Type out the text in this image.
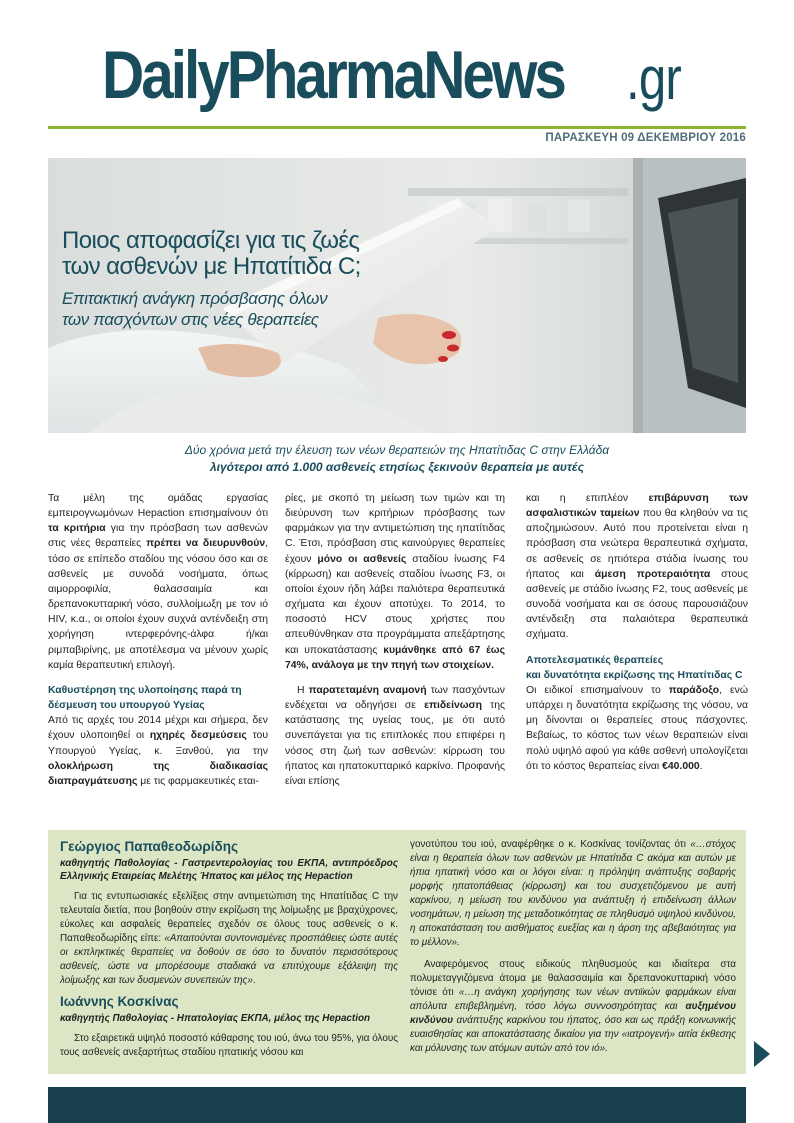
DailyPharmaNews .gr
ΠΑΡΑΣΚΕΥΗ 09 ΔΕΚΕΜΒΡΙΟΥ 2016
Ποιος αποφασίζει για τις ζωές
των ασθενών με Ηπατίτιδα C;
Επιτακτική ανάγκη πρόσβασης όλων
των πασχόντων στις νέες θεραπείες
Δύο χρόνια μετά την έλευση των νέων θεραπειών της Ηπατίτιδας C στην Ελλάδα
λιγότεροι από 1.000 ασθενείς ετησίως ξεκινούν θεραπεία με αυτές

Τα μέλη της ομάδας εργασίας εμπειρογνωμόνων Hepaction επισημαίνουν ότι τα κριτήρια για την πρόσβαση των ασθενών στις νέες θεραπείες πρέπει να διευρυνθούν, τόσο σε επίπεδο σταδίου της νόσου όσο και σε ασθενείς με συνοδά νοσήματα, όπως αιμορροφιλία, θαλασσαιμία και δρεπανοκυτταρική νόσο, συλλοίμωξη με τον ιό HIV, κ.α., οι οποίοι έχουν συχνά αντένδειξη στη χορήγηση ιντερφερόνης-άλφα ή/και ριμπαβιρίνης, με αποτέλεσμα να μένουν χωρίς καμία θεραπευτική επιλογή.

Καθυστέρηση της υλοποίησης παρά τη δέσμευση του υπουργού Υγείας

Από τις αρχές του 2014 μέχρι και σήμερα, δεν έχουν υλοποιηθεί οι ηχηρές δεσμεύσεις του Υπουργού Υγείας, κ. Ξανθού, για την ολοκλήρωση της διαδικασίας διαπραγμάτευσης με τις φαρμακευτικές εται-

ρίες, με σκοπό τη μείωση των τιμών και τη διεύρυνση των κριτήριων πρόσβασης των φαρμάκων για την αντιμετώπιση της ηπατίτιδας C. Έτσι, πρόσβαση στις καινούργιες θεραπείες έχουν μόνο οι ασθενείς σταδίου ίνωσης F4 (κίρρωση) και ασθενείς σταδίου ίνωσης F3, οι οποίοι έχουν ήδη λάβει παλιότερα θεραπευτικά σχήματα και έχουν αποτύχει. Το 2014, το ποσοστό HCV στους χρήστες που απευθύνθηκαν στα προγράμματα απεξάρτησης και υποκατάστασης κυμάνθηκε από 67 έως 74%, ανάλογα με την πηγή των στοιχείων.

Η παρατεταμένη αναμονή των πασχόντων ενδέχεται να οδηγήσει σε επιδείνωση της κατάστασης της υγείας τους, με ότι αυτό συνεπάγεται για τις επιπλοκές που επιφέρει η νόσος στη ζωή των ασθενών: κίρρωση του ήπατος και ηπατοκυτταρικό καρκίνο. Προφανής είναι επίσης

και η επιπλέον επιβάρυνση των ασφαλιστικών ταμείων που θα κληθούν να τις αποζημιώσουν. Αυτό που προτείνεται είναι η πρόσβαση στα νεώτερα θεραπευτικά σχήματα, σε ασθενείς σε ηπιότερα στάδια ίνωσης του ήπατος και άμεση προτεραιότητα στους ασθενείς με στάδιο ίνωσης F2, τους ασθενείς με συνοδά νοσήματα και σε όσους παρουσιάζουν αντένδειξη στα παλαιότερα θεραπευτικά σχήματα.

Αποτελεσματικές θεραπείες
και δυνατότητα εκρίζωσης της Ηπατίτιδας C

Οι ειδικοί επισημαίνουν το παράδοξο, ενώ υπάρχει η δυνατότητα εκρίζωσης της νόσου, να μη δίνονται οι θεραπείες στους πάσχοντες. Βεβαίως, το κόστος των νέων θεραπειών είναι πολύ υψηλό αφού για κάθε ασθενή υπολογίζεται ότι το κόστος θεραπείας είναι €40.000.

Γεώργιος Παπαθεοδωρίδης

καθηγητής Παθολογίας - Γαστρεντερολογίας του ΕΚΠΑ, αντιπρόεδρος Ελληνικής Εταιρείας Μελέτης Ήπατος και μέλος της Hepaction

Για τις εντυπωσιακές εξελίξεις στην αντιμετώπιση της Ηπατίτιδας C την τελευταία διετία, που βοηθούν στην εκρίζωση της λοίμωξης με βραχύχρονες, εύκολες και ασφαλείς θεραπείες σχεδόν σε όλους τους ασθενείς ο κ. Παπαθεοδωρίδης είπε: «Απαιτούνται συντονισμένες προσπάθειες ώστε αυτές οι εκπληκτικές θεραπείες να δοθούν σε όσο το δυνατόν περισσότερους ασθενείς, ώστε να μπορέσουμε σταδιακά να επιτύχουμε εξάλειψη της λοίμωξης και των δυσμενών συνεπειών της».

Ιωάννης Κοσκίνας

καθηγητής Παθολογίας - Ηπατολογίας ΕΚΠΑ, μέλος της Hepaction

Στο εξαιρετικά υψηλό ποσοστό κάθαρσης του ιού, άνω του 95%, για όλους τους ασθενείς ανεξαρτήτως σταδίου ηπατικής νόσου και

γονοτύπου του ιού, αναφέρθηκε ο κ. Κοσκίνας τονίζοντας ότι «…στόχος είναι η θεραπεία όλων των ασθενών με Ηπατίτιδα C ακόμα και αυτών με ήπια ηπατική νόσο και οι λόγοι είναι: η πρόληψη ανάπτυξης σοβαρής μορφής ηπατοπάθειας (κίρρωση) και του συσχετιζόμενου με αυτή καρκίνου, η μείωση του κινδύνου για ανάπτυξη ή επιδείνωση άλλων νοσημάτων, η μείωση της μεταδοτικότητας σε πληθυσμό υψηλού κινδύνου, η αποκατάσταση του αισθήματος ευεξίας και η άρση της αβεβαιότητας για το μέλλον».

Αναφερόμενος στους ειδικούς πληθυσμούς και ιδιαίτερα στα πολυμεταγγιζόμενα άτομα με θαλασσαιμία και δρεπανοκυτταρική νόσο τόνισε ότι «…η ανάγκη χορήγησης των νέων αντιϊκών φαρμάκων είναι απόλυτα επιβεβλημένη, τόσο λόγω συννοσηρότητας και αυξημένου κινδύνου ανάπτυξης καρκίνου του ήπατος, όσο και ως πράξη κοινωνικής ευαισθησίας και αποκατάστασης δικαίου για την «ιατρογενή» αιτία έκθεσης και μόλυνσης των ατόμων αυτών από τον ιό».
